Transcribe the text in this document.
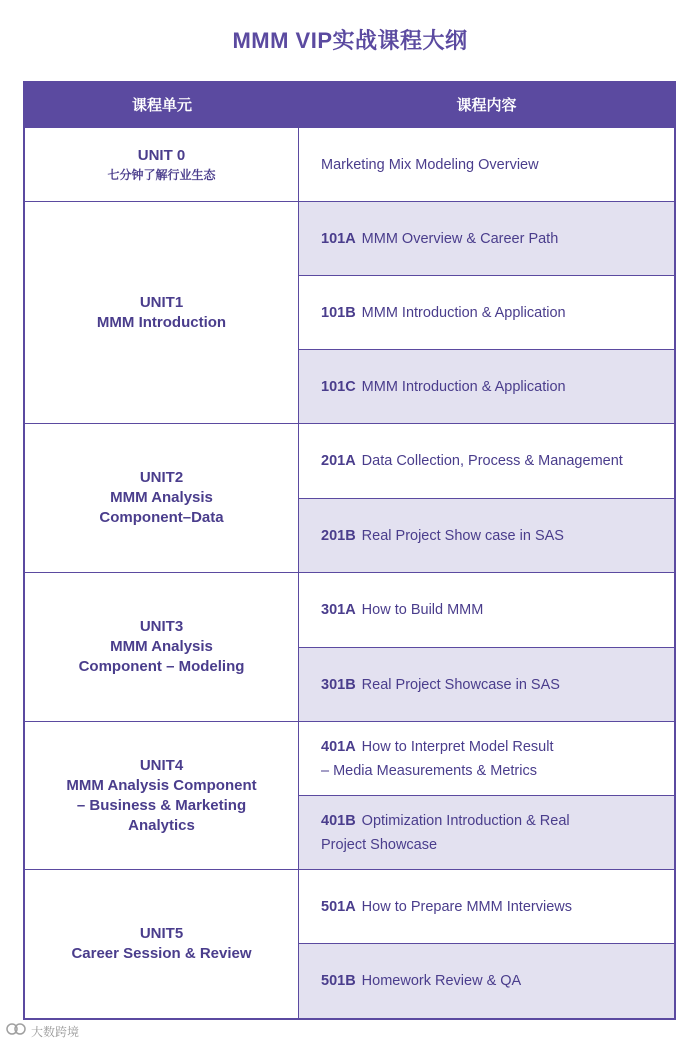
MMM VIP实战课程大纲
课程单元	课程内容
UNIT 0
七分钟了解行业生态
UNIT1
MMM Introduction
UNIT2
MMM Analysis
Component–Data
UNIT3
MMM Analysis
Component – Modeling
UNIT4
MMM Analysis Component
– Business & Marketing
Analytics
UNIT5
Career Session & Review
Marketing Mix Modeling Overview
101A MMM Overview & Career Path
101B MMM Introduction & Application
101C MMM Introduction & Application
201A Data Collection, Process & Management
201B Real Project Show case in SAS
301A How to Build MMM
301B Real Project Showcase in SAS
401A How to Interpret Model Result
– Media Measurements & Metrics
401B Optimization Introduction & Real
Project Showcase
501A How to Prepare MMM Interviews
501B Homework Review & QA
大数跨境
